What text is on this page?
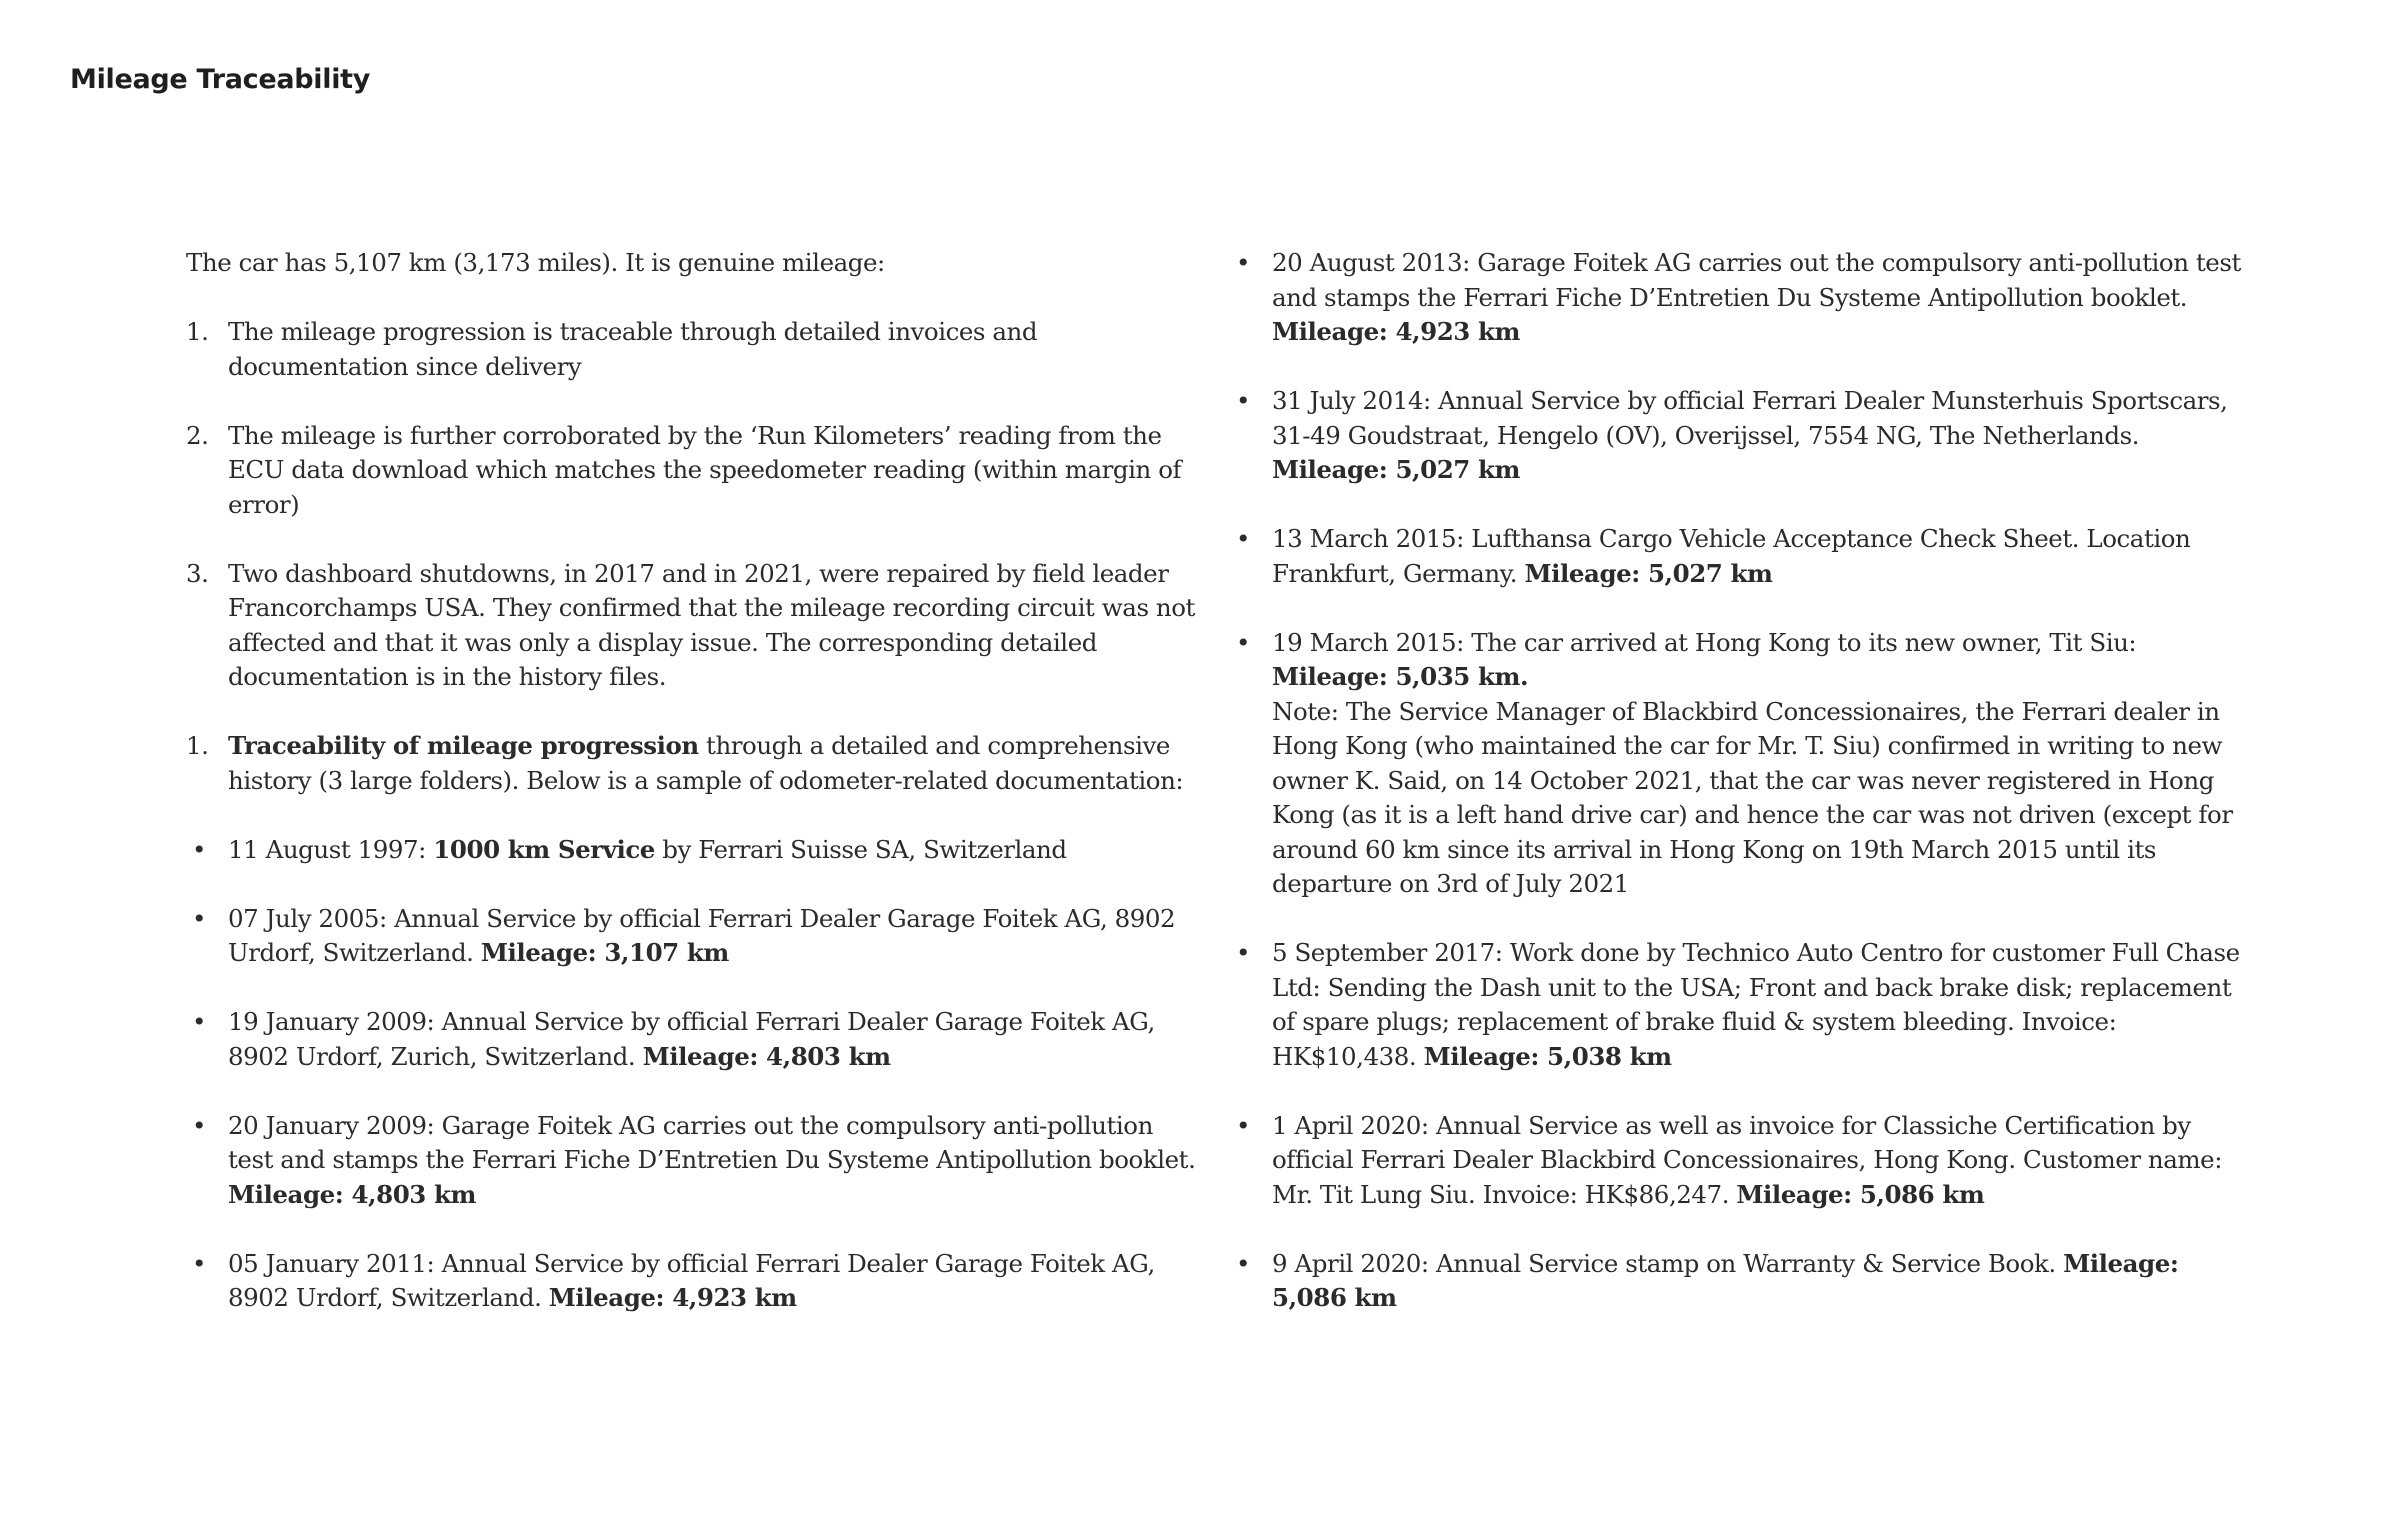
Mileage Traceability

The car has 5,107 km (3,173 miles). It is genuine mileage:

1. The mileage progression is traceable through detailed invoices and documentation since delivery
2. The mileage is further corroborated by the ‘Run Kilometers’ reading from the ECU data download which matches the speedometer reading (within margin of error)
3. Two dashboard shutdowns, in 2017 and in 2021, were repaired by field leader Francorchamps USA. They confirmed that the mileage recording circuit was not affected and that it was only a display issue. The corresponding detailed documentation is in the history files.
1. Traceability of mileage progression through a detailed and comprehensive history (3 large folders). Below is a sample of odometer-related documentation:
• 11 August 1997: 1000 km Service by Ferrari Suisse SA, Switzerland
• 07 July 2005: Annual Service by official Ferrari Dealer Garage Foitek AG, 8902 Urdorf, Switzerland. Mileage: 3,107 km
• 19 January 2009: Annual Service by official Ferrari Dealer Garage Foitek AG, 8902 Urdorf, Zurich, Switzerland. Mileage: 4,803 km
• 20 January 2009: Garage Foitek AG carries out the compulsory anti-pollution test and stamps the Ferrari Fiche D’Entretien Du Systeme Antipollution booklet. Mileage: 4,803 km
• 05 January 2011: Annual Service by official Ferrari Dealer Garage Foitek AG, 8902 Urdorf, Switzerland. Mileage: 4,923 km
• 20 August 2013: Garage Foitek AG carries out the compulsory anti-pollution test and stamps the Ferrari Fiche D’Entretien Du Systeme Antipollution booklet. Mileage: 4,923 km
• 31 July 2014: Annual Service by official Ferrari Dealer Munsterhuis Sportscars, 31-49 Goudstraat, Hengelo (OV), Overijssel, 7554 NG, The Netherlands. Mileage: 5,027 km
• 13 March 2015: Lufthansa Cargo Vehicle Acceptance Check Sheet. Location Frankfurt, Germany. Mileage: 5,027 km
• 19 March 2015: The car arrived at Hong Kong to its new owner, Tit Siu: Mileage: 5,035 km.
Note: The Service Manager of Blackbird Concessionaires, the Ferrari dealer in Hong Kong (who maintained the car for Mr. T. Siu) confirmed in writing to new owner K. Said, on 14 October 2021, that the car was never registered in Hong Kong (as it is a left hand drive car) and hence the car was not driven (except for around 60 km since its arrival in Hong Kong on 19th March 2015 until its departure on 3rd of July 2021
• 5 September 2017: Work done by Technico Auto Centro for customer Full Chase Ltd: Sending the Dash unit to the USA; Front and back brake disk; replacement of spare plugs; replacement of brake fluid & system bleeding. Invoice: HK$10,438. Mileage: 5,038 km
• 1 April 2020: Annual Service as well as invoice for Classiche Certification by official Ferrari Dealer Blackbird Concessionaires, Hong Kong. Customer name: Mr. Tit Lung Siu. Invoice: HK$86,247. Mileage: 5,086 km
• 9 April 2020: Annual Service stamp on Warranty & Service Book. Mileage: 5,086 km
